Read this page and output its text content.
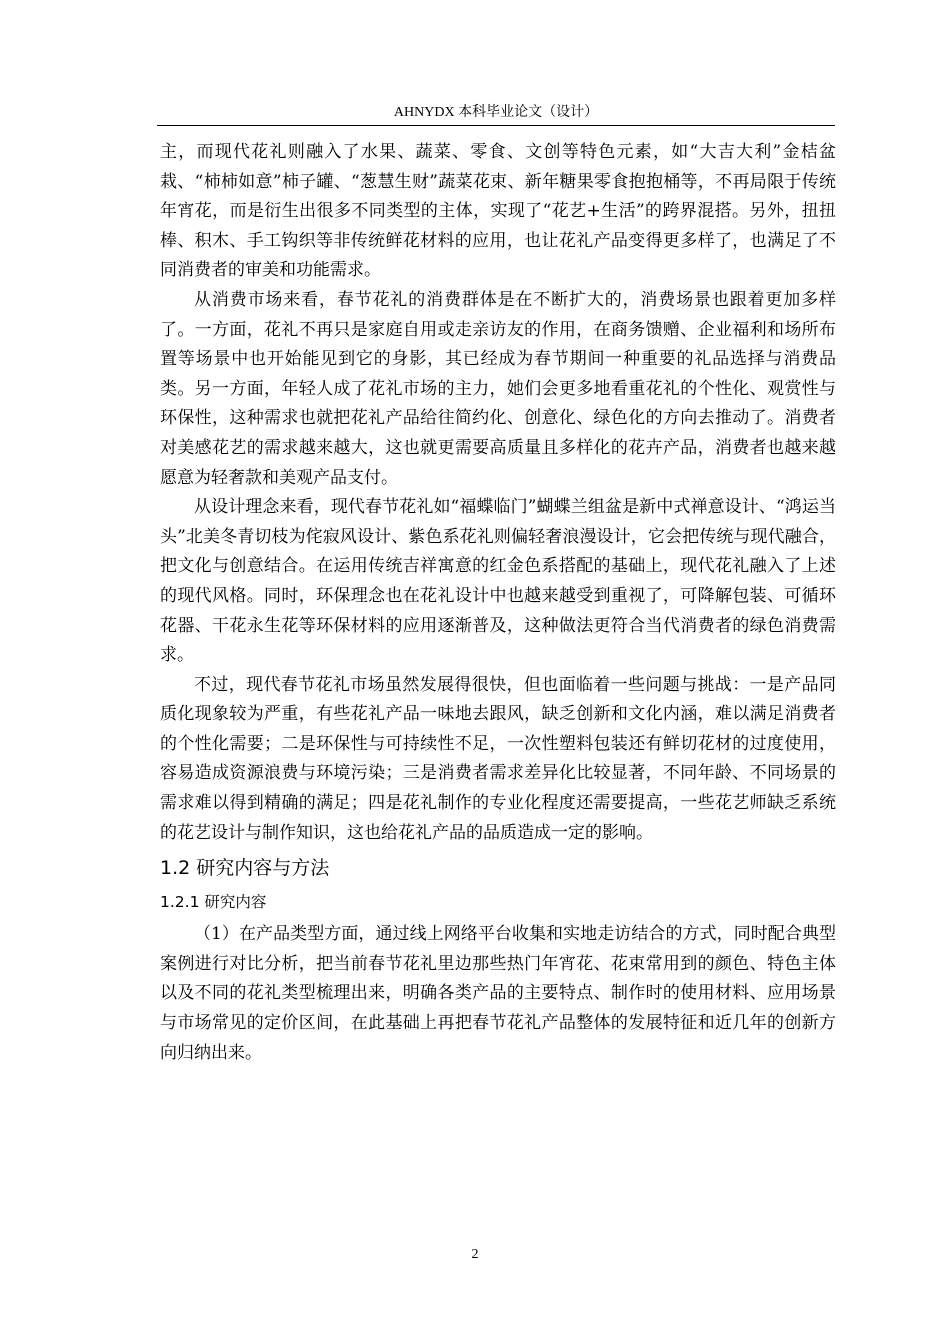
AHNYDX 本科毕业论文（设计）

主，而现代花礼则融入了水果、蔬菜、零食、文创等特色元素，如“大吉大利”金桔盆栽、“柿柿如意”柿子罐、“葱慧生财”蔬菜花束、新年糖果零食抱抱桶等，不再局限于传统年宵花，而是衍生出很多不同类型的主体，实现了“花艺+生活”的跨界混搭。另外，扭扭棒、积木、手工钩织等非传统鲜花材料的应用，也让花礼产品变得更多样了，也满足了不同消费者的审美和功能需求。

从消费市场来看，春节花礼的消费群体是在不断扩大的，消费场景也跟着更加多样了。一方面，花礼不再只是家庭自用或走亲访友的作用，在商务馈赠、企业福利和场所布置等场景中也开始能见到它的身影，其已经成为春节期间一种重要的礼品选择与消费品类。另一方面，年轻人成了花礼市场的主力，她们会更多地看重花礼的个性化、观赏性与环保性，这种需求也就把花礼产品给往简约化、创意化、绿色化的方向去推动了。消费者对美感花艺的需求越来越大，这也就更需要高质量且多样化的花卉产品，消费者也越来越愿意为轻奢款和美观产品支付。

从设计理念来看，现代春节花礼如“福蝶临门”蝴蝶兰组盆是新中式禅意设计、“鸿运当头”北美冬青切枝为侘寂风设计、紫色系花礼则偏轻奢浪漫设计，它会把传统与现代融合，把文化与创意结合。在运用传统吉祥寓意的红金色系搭配的基础上，现代花礼融入了上述的现代风格。同时，环保理念也在花礼设计中也越来越受到重视了，可降解包装、可循环花器、干花永生花等环保材料的应用逐渐普及，这种做法更符合当代消费者的绿色消费需求。

不过，现代春节花礼市场虽然发展得很快，但也面临着一些问题与挑战：一是产品同质化现象较为严重，有些花礼产品一味地去跟风，缺乏创新和文化内涵，难以满足消费者的个性化需要；二是环保性与可持续性不足，一次性塑料包装还有鲜切花材的过度使用，容易造成资源浪费与环境污染；三是消费者需求差异化比较显著，不同年龄、不同场景的需求难以得到精确的满足；四是花礼制作的专业化程度还需要提高，一些花艺师缺乏系统的花艺设计与制作知识，这也给花礼产品的品质造成一定的影响。

1.2 研究内容与方法
1.2.1 研究内容

（1）在产品类型方面，通过线上网络平台收集和实地走访结合的方式，同时配合典型案例进行对比分析，把当前春节花礼里边那些热门年宵花、花束常用到的颜色、特色主体以及不同的花礼类型梳理出来，明确各类产品的主要特点、制作时的使用材料、应用场景与市场常见的定价区间，在此基础上再把春节花礼产品整体的发展特征和近几年的创新方向归纳出来。

2
